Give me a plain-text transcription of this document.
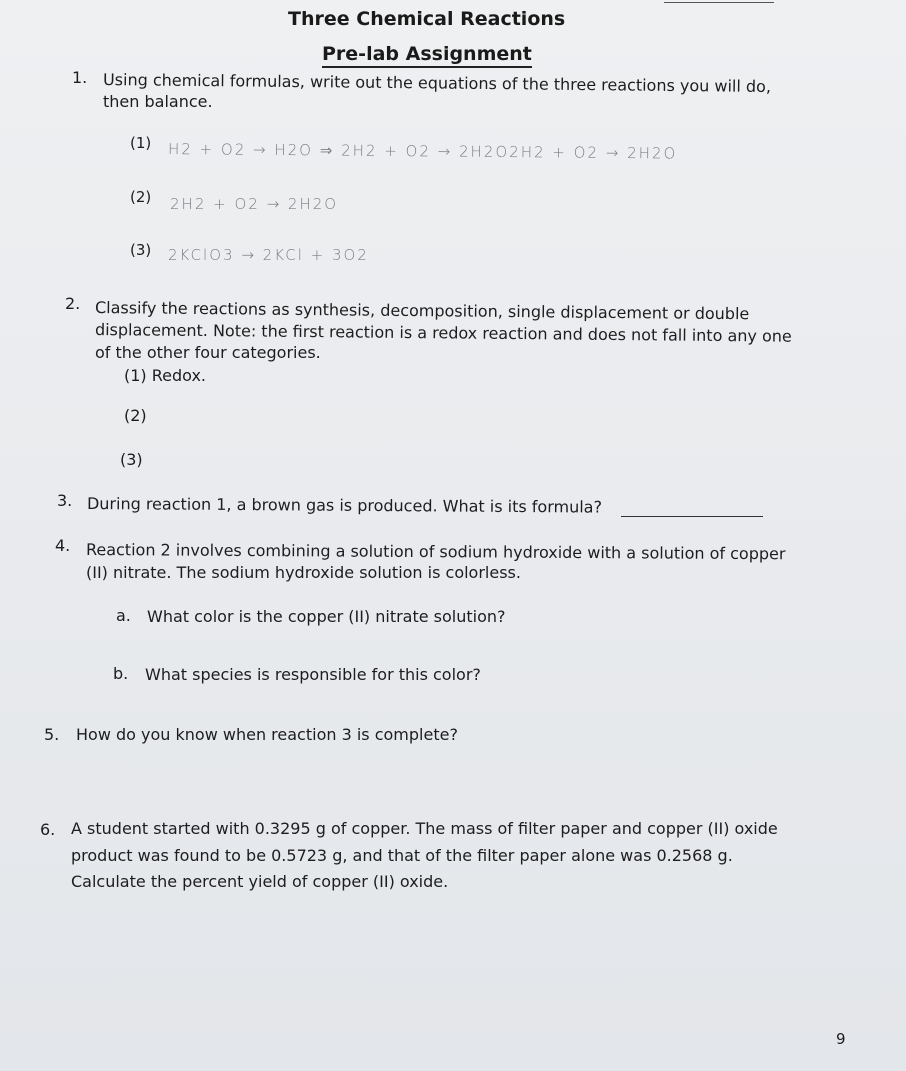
Three Chemical Reactions
Pre-lab Assignment
1. Using chemical formulas, write out the equations of the three reactions you will do,
then balance.
(1) H2 + O2 → H2O ⇒ 2H2 + O2 → 2H2O2H2 + O2 → 2H2O
(2) 2H2 + O2 → 2H2O
(3) 2KClO3 → 2KCl + 3O2
2. Classify the reactions as synthesis, decomposition, single displacement or double
displacement. Note: the first reaction is a redox reaction and does not fall into any one
of the other four categories.
(1) Redox.
(2)
(3)
3. During reaction 1, a brown gas is produced. What is its formula?
4. Reaction 2 involves combining a solution of sodium hydroxide with a solution of copper
(II) nitrate. The sodium hydroxide solution is colorless.
a. What color is the copper (II) nitrate solution?
b. What species is responsible for this color?
5. How do you know when reaction 3 is complete?
6. A student started with 0.3295 g of copper. The mass of filter paper and copper (II) oxide
product was found to be 0.5723 g, and that of the filter paper alone was 0.2568 g.
Calculate the percent yield of copper (II) oxide.
9
